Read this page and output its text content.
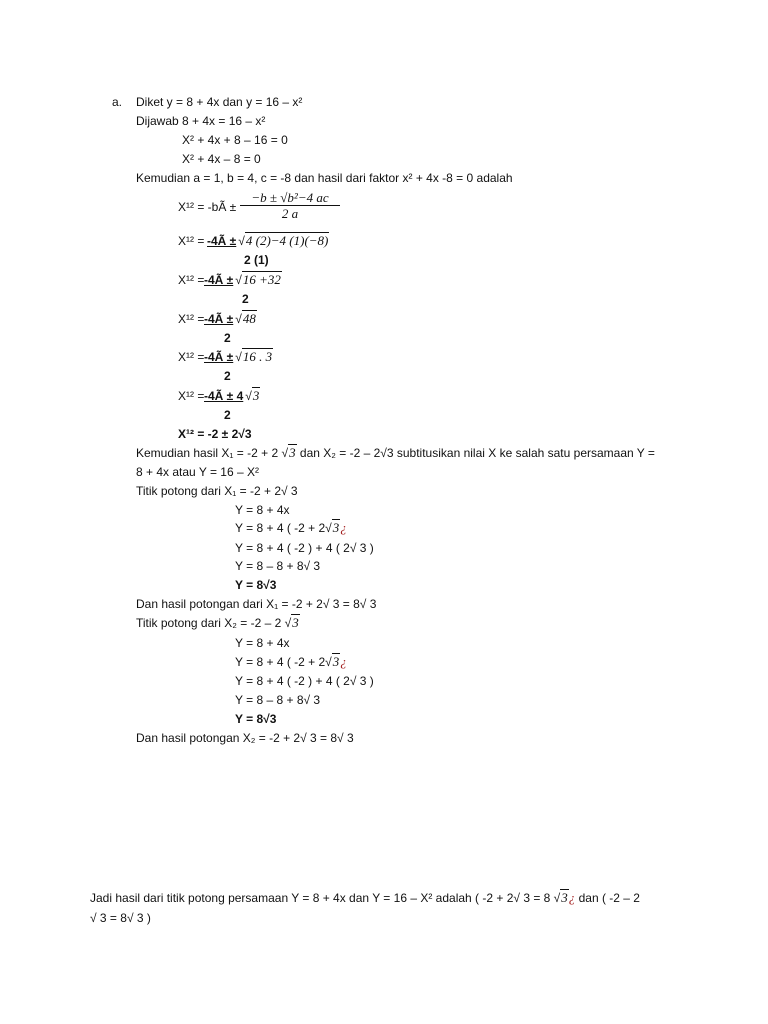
a. Diket y = 8 + 4x dan y = 16 – x²
Dijawab 8 + 4x = 16 – x²
X² + 4x + 8 – 16 = 0
X² + 4x – 8 = 0
Kemudian a = 1, b = 4, c = -8 dan hasil dari faktor x² + 4x -8 = 0 adalah
X¹² = -bÃ ± $\frac{\text{−b ± √b²−4 ac}}{2 a}$
X¹² = -4Ã ± √4 (2)−4 (1)(−8)
2 (1)
X¹² = -4Ã ± √16 +32
2
X¹² = -4Ã ± √48
2
X¹² = -4Ã ± √16 . 3
2
X¹² = -4Ã ± 4 √3
2
X¹² = -2 ± 2√3
Kemudian hasil X₁ = -2 + 2 √3 dan X₂ = -2 – 2√3 subtitusikan nilai X ke salah satu persamaan Y =
8 + 4x atau Y = 16 – X²
Titik potong dari X₁ = -2 + 2√ 3
Y = 8 + 4x
Y = 8 + 4 ( -2 + 2√3¿
Y = 8 + 4 ( -2 ) + 4 ( 2√ 3 )
Y = 8 – 8 + 8√ 3
Y = 8√3
Dan hasil potongan dari X₁ = -2 + 2√ 3 = 8√ 3
Titik potong dari X₂ = -2 – 2 √3
Y = 8 + 4x
Y = 8 + 4 ( -2 + 2√3¿
Y = 8 + 4 ( -2 ) + 4 ( 2√ 3 )
Y = 8 – 8 + 8√ 3
Y = 8√3
Dan hasil potongan X₂ = -2 + 2√ 3 = 8√ 3
Jadi hasil dari titik potong persamaan Y = 8 + 4x dan Y = 16 – X² adalah ( -2 + 2√ 3 = 8 √3¿ dan ( -2 – 2
√ 3 = 8√ 3 )
